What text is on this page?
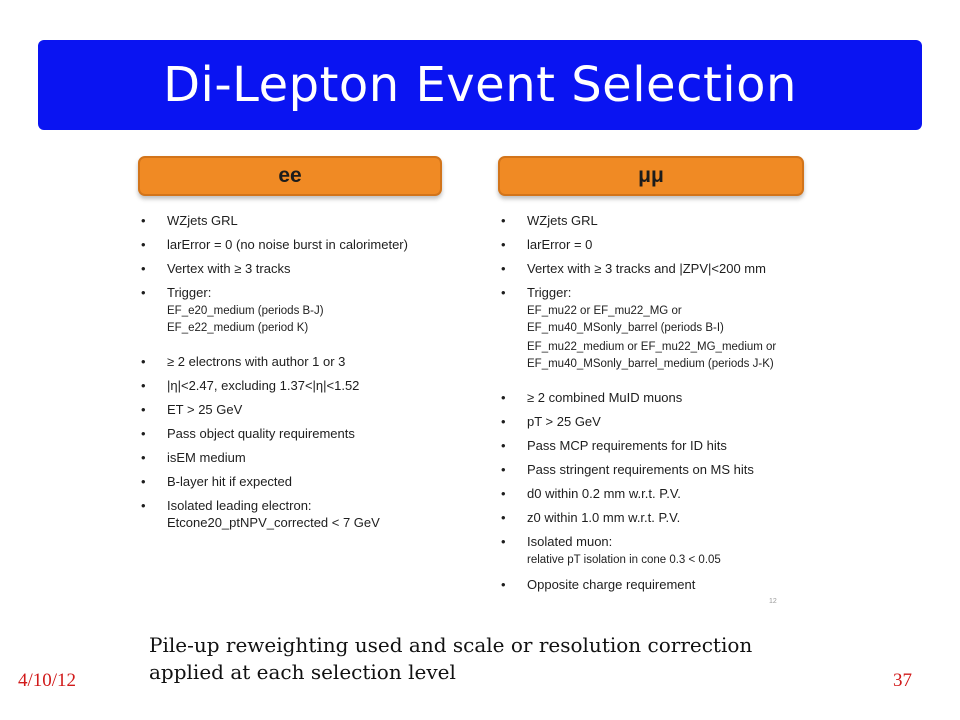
Di-Lepton Event Selection
ee	μμ
• WZjets GRL
• larError = 0 (no noise burst in calorimeter)
• Vertex with ≥ 3 tracks
• Trigger:
EF_e20_medium (periods B-J)
EF_e22_medium (period K)
• ≥ 2 electrons with author 1 or 3
• |η|<2.47, excluding 1.37<|η|<1.52
• ET > 25 GeV
• Pass object quality requirements
• isEM medium
• B-layer hit if expected
• Isolated leading electron:
Etcone20_ptNPV_corrected < 7 GeV
• WZjets GRL
• larError = 0
• Vertex with ≥ 3 tracks and |ZPV|<200 mm
• Trigger:
EF_mu22 or EF_mu22_MG or
EF_mu40_MSonly_barrel (periods B-I)
EF_mu22_medium or EF_mu22_MG_medium or
EF_mu40_MSonly_barrel_medium (periods J-K)
• ≥ 2 combined MuID muons
• pT > 25 GeV
• Pass MCP requirements for ID hits
• Pass stringent requirements on MS hits
• d0 within 0.2 mm w.r.t. P.V.
• z0 within 1.0 mm w.r.t. P.V.
• Isolated muon:
relative pT isolation in cone 0.3 < 0.05
• Opposite charge requirement
12
Pile-up reweighting used and scale or resolution correction applied at each selection level
4/10/12	37
